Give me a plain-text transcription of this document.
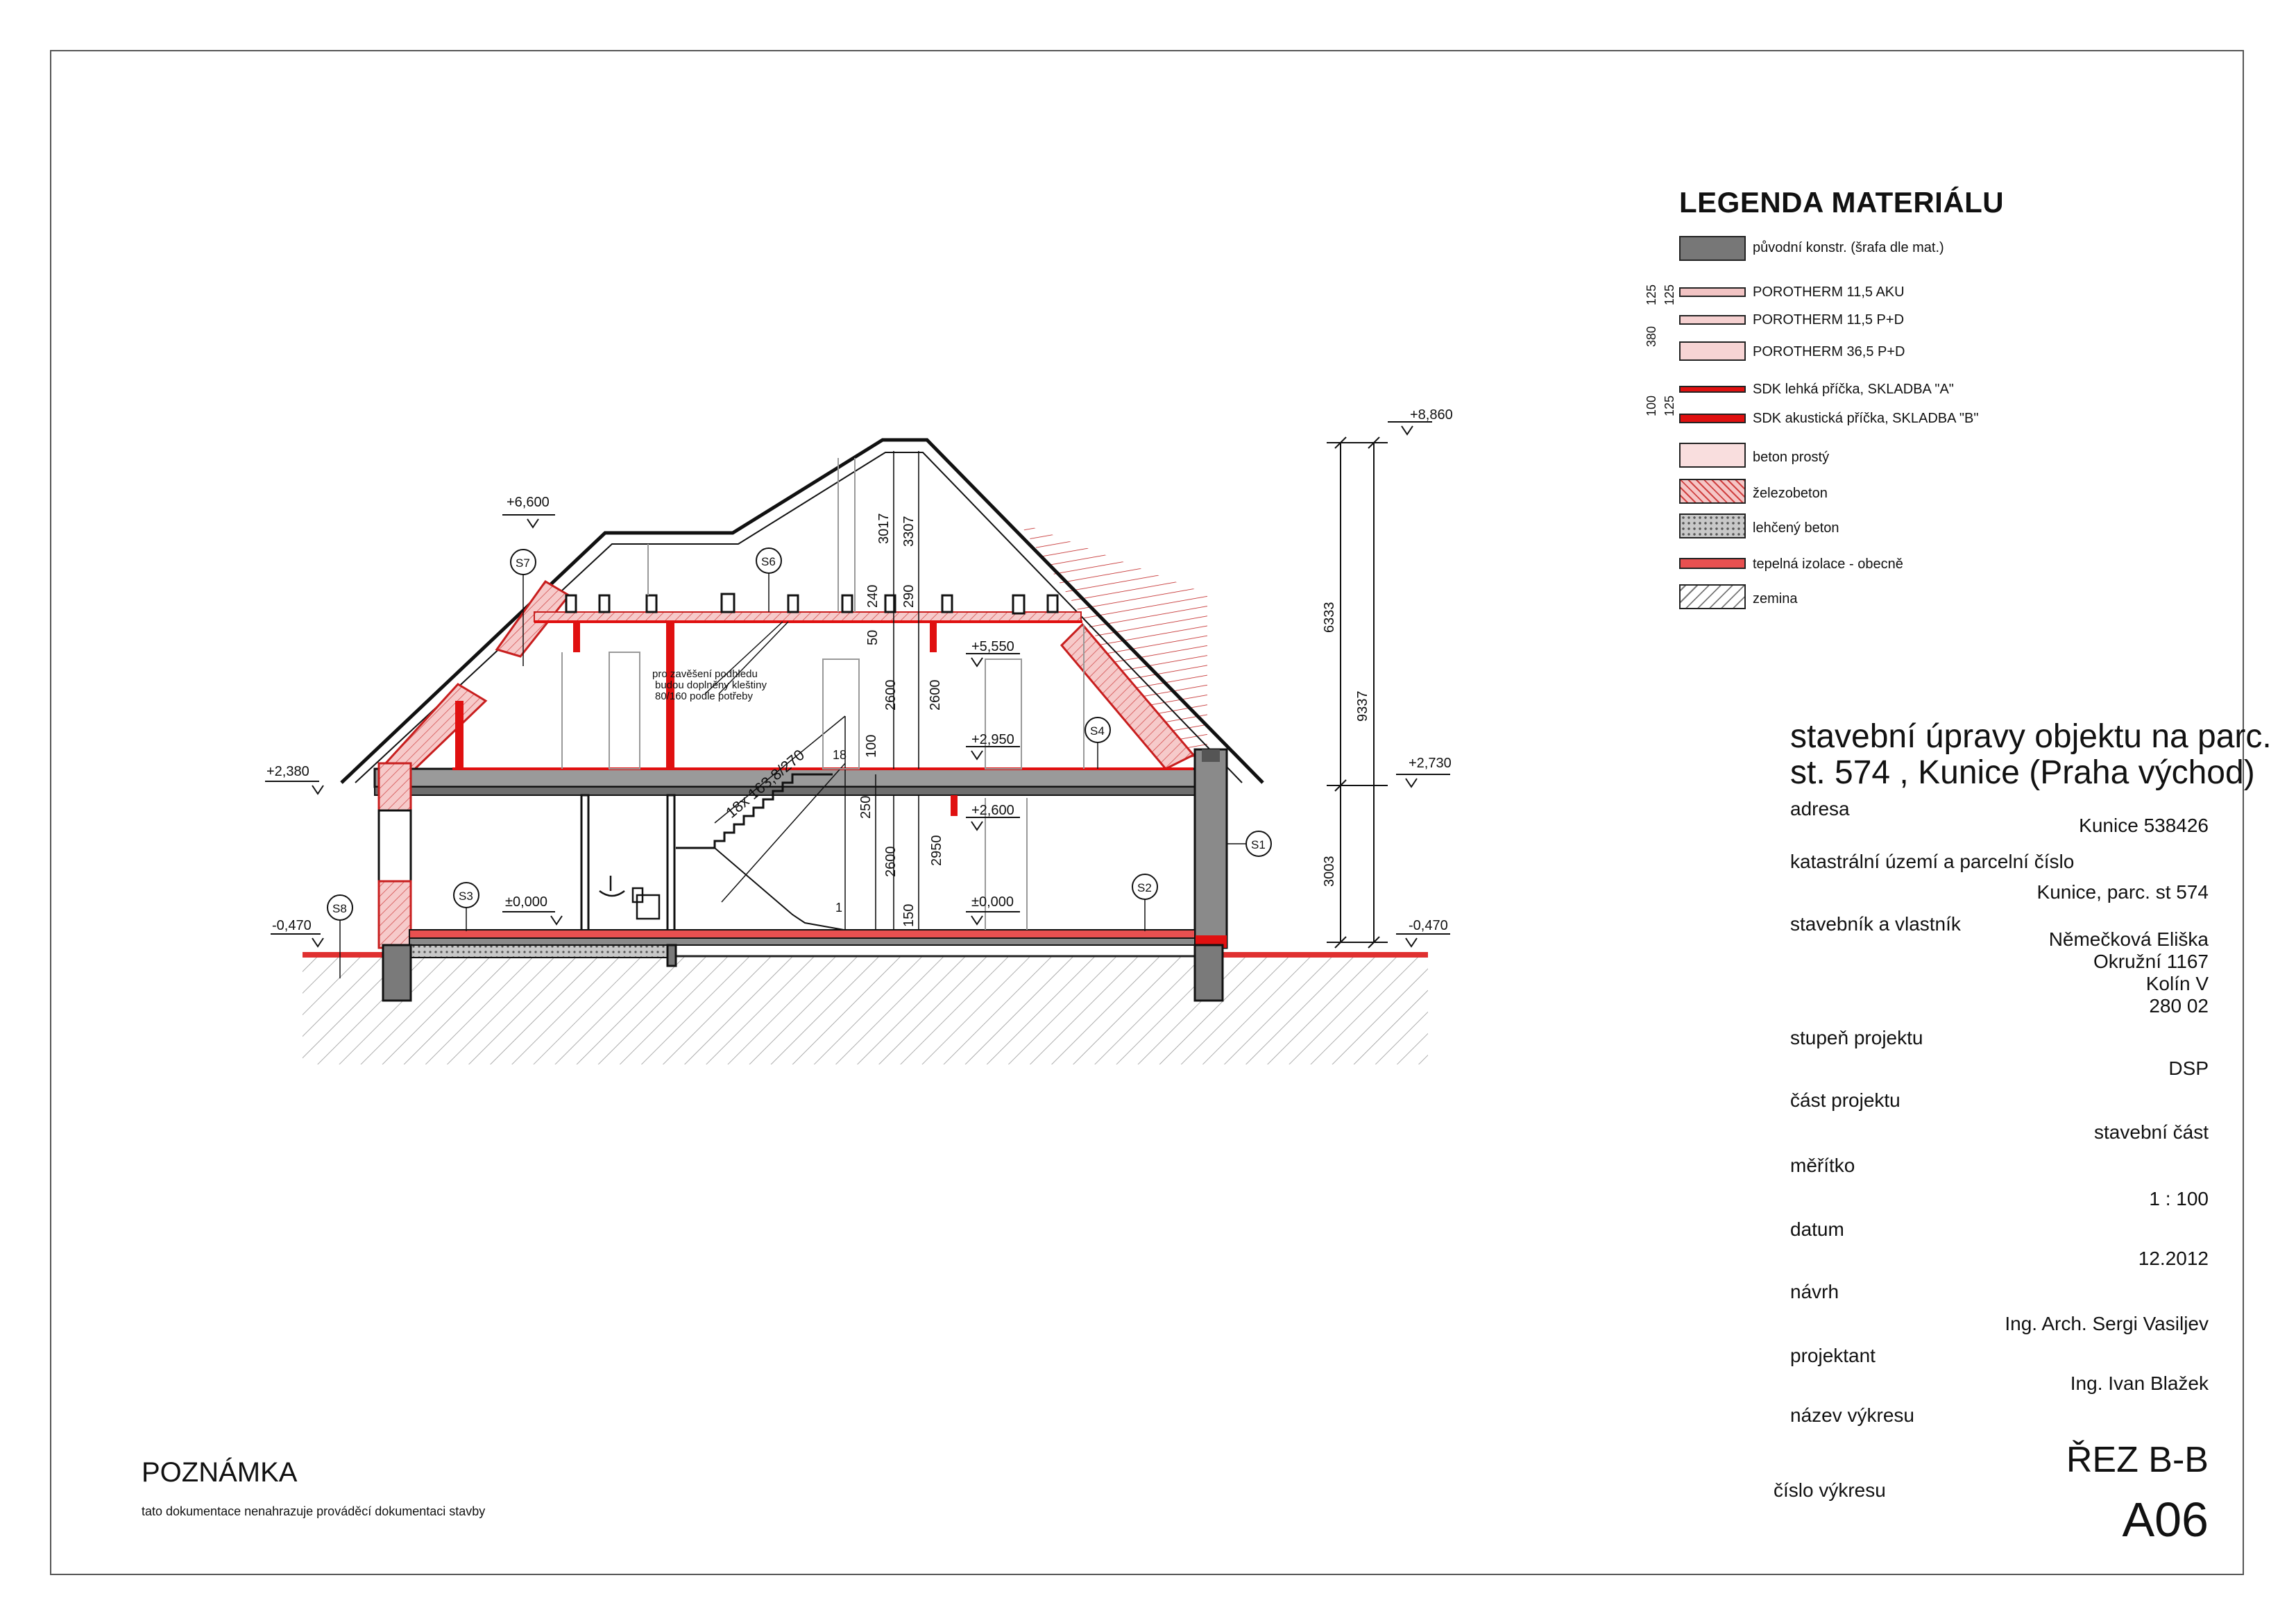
+8,860
+6,600
+5,550
+2,950
+2,600
+2,380
+2,730
±0,000	±0,000
-0,470	-0,470
S7	S6
S4
S3
S2
S1
S8
pro zavěšení podhledu
budou doplněny kleštiny
80/160 podle potřeby
18x 163,8/270 18
1
9337
6333
3003
3017 3307
240 290
50
2600 2600
100
250
2600 2950
150
125 125
380
100 125
LEGENDA MATERIÁLU
původní konstr. (šrafa dle mat.)
POROTHERM 11,5 AKU
POROTHERM 11,5 P+D
POROTHERM 36,5 P+D
SDK lehká příčka, SKLADBA "A"
SDK akustická příčka, SKLADBA "B"
beton prostý
železobeton
lehčený beton
tepelná izolace - obecně
zemina
stavební úpravy objektu na parc.
st. 574 , Kunice (Praha východ)
adresa
Kunice 538426
katastrální území a parcelní číslo
Kunice, parc. st 574
stavebník a vlastník
Němečková Eliška
Okružní 1167
Kolín V
280 02
stupeň projektu
DSP
část projektu
stavební část
měřítko
1 : 100
datum
12.2012
návrh
Ing. Arch. Sergi Vasiljev
projektant
Ing. Ivan Blažek
název výkresu
ŘEZ B-B
číslo výkresu
A06
POZNÁMKA
tato dokumentace nenahrazuje prováděcí dokumentaci stavby
